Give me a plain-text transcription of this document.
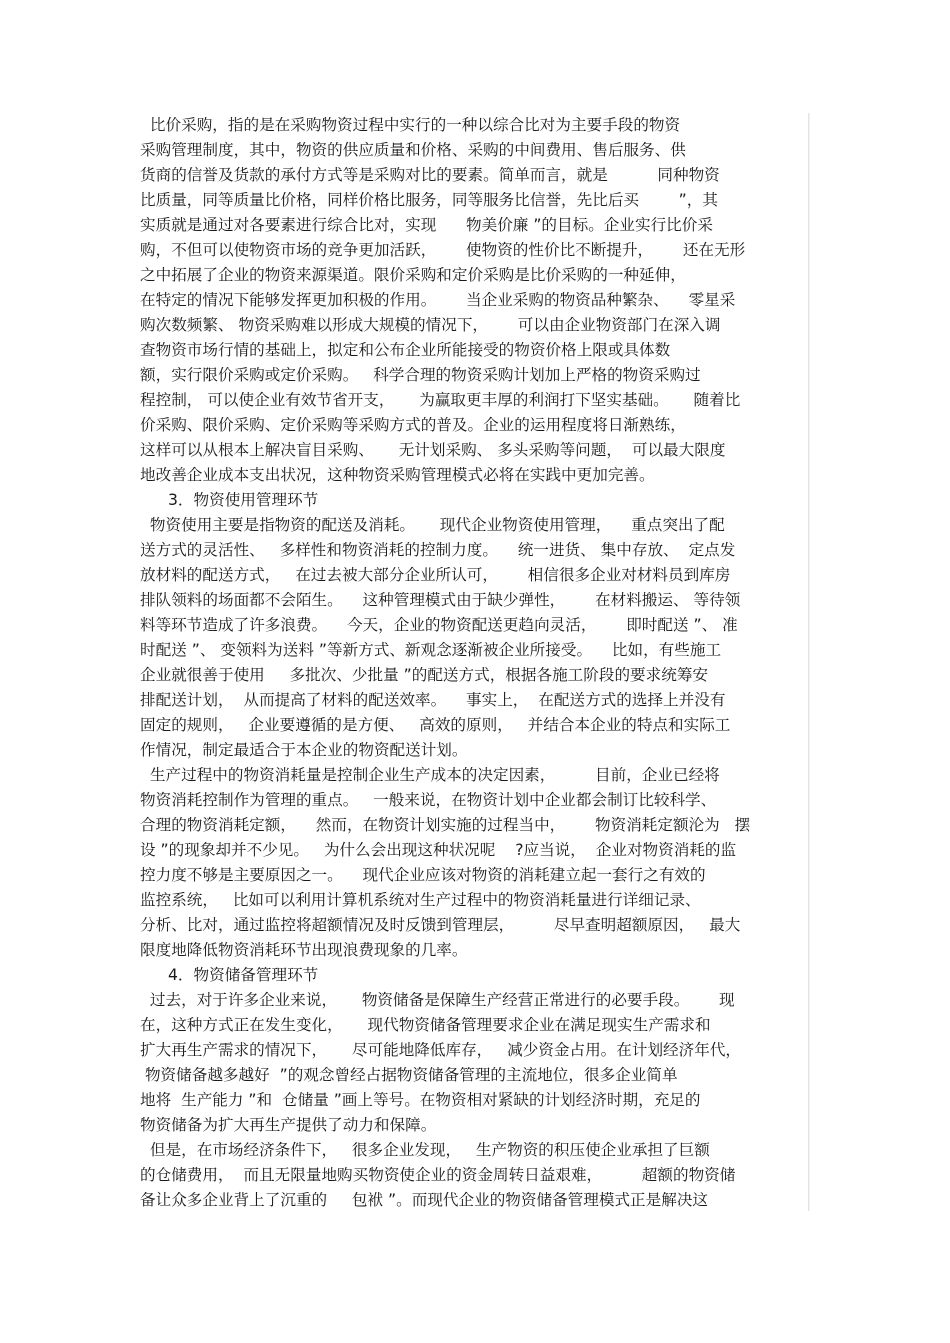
比价采购，指的是在采购物资过程中实行的一种以综合比对为主要手段的物资
采购管理制度，其中，物资的供应质量和价格、采购的中间费用、售后服务、供
货商的信誉及货款的承付方式等是采购对比的要素。简单而言，就是          同种物资
比质量，同等质量比价格，同样价格比服务，同等服务比信誉，先比后买        ”，其
实质就是通过对各要素进行综合比对，实现      物美价廉 ”的目标。企业实行比价采
购，不但可以使物资市场的竞争更加活跃，      使物资的性价比不断提升，      还在无形
之中拓展了企业的物资来源渠道。限价采购和定价采购是比价采购的一种延伸，
在特定的情况下能够发挥更加积极的作用。      当企业采购的物资品种繁杂、    零星采
购次数频繁、 物资采购难以形成大规模的情况下，      可以由企业物资部门在深入调
查物资市场行情的基础上，拟定和公布企业所能接受的物资价格上限或具体数
额，实行限价采购或定价采购。   科学合理的物资采购计划加上严格的物资采购过
程控制， 可以使企业有效节省开支，     为赢取更丰厚的利润打下坚实基础。     随着比
价采购、限价采购、定价采购等采购方式的普及。企业的运用程度将日渐熟练，
这样可以从根本上解决盲目采购、     无计划采购、 多头采购等问题，  可以最大限度
地改善企业成本支出状况，这种物资采购管理模式必将在实践中更加完善。
3．物资使用管理环节
物资使用主要是指物资的配送及消耗。     现代企业物资使用管理，    重点突出了配
送方式的灵活性、   多样性和物资消耗的控制力度。    统一进货、 集中存放、  定点发
放材料的配送方式，   在过去被大部分企业所认可，      相信很多企业对材料员到库房
排队领料的场面都不会陌生。    这种管理模式由于缺少弹性，      在材料搬运、 等待领
料等环节造成了许多浪费。    今天，企业的物资配送更趋向灵活，      即时配送 ”、 准
时配送 ”、 变领料为送料 ”等新方式、新观念逐渐被企业所接受。    比如，有些施工
企业就很善于使用     多批次、少批量 ”的配送方式，根据各施工阶段的要求统筹安
排配送计划，  从而提高了材料的配送效率。    事实上，  在配送方式的选择上并没有
固定的规则，   企业要遵循的是方便、   高效的原则，   并结合本企业的特点和实际工
作情况，制定最适合于本企业的物资配送计划。
生产过程中的物资消耗量是控制企业生产成本的决定因素，        目前，企业已经将
物资消耗控制作为管理的重点。   一般来说，在物资计划中企业都会制订比较科学、
合理的物资消耗定额，    然而，在物资计划实施的过程当中，      物资消耗定额沦为   摆
设 ”的现象却并不少见。   为什么会出现这种状况呢    ?应当说，  企业对物资消耗的监
控力度不够是主要原因之一。    现代企业应该对物资的消耗建立起一套行之有效的
监控系统，   比如可以利用计算机系统对生产过程中的物资消耗量进行详细记录、
分析、比对，通过监控将超额情况及时反馈到管理层，        尽早查明超额原因，   最大
限度地降低物资消耗环节出现浪费现象的几率。
4．物资储备管理环节
过去，对于许多企业来说，     物资储备是保障生产经营正常进行的必要手段。      现
在，这种方式正在发生变化，     现代物资储备管理要求企业在满足现实生产需求和
扩大再生产需求的情况下，     尽可能地降低库存，   减少资金占用。在计划经济年代，
物资储备越多越好  ”的观念曾经占据物资储备管理的主流地位，很多企业简单
地将  生产能力 ”和  仓储量 ”画上等号。在物资相对紧缺的计划经济时期，充足的
物资储备为扩大再生产提供了动力和保障。
但是，在市场经济条件下，   很多企业发现，   生产物资的积压使企业承担了巨额
的仓储费用，  而且无限量地购买物资使企业的资金周转日益艰难，        超额的物资储
备让众多企业背上了沉重的     包袱 ”。而现代企业的物资储备管理模式正是解决这
